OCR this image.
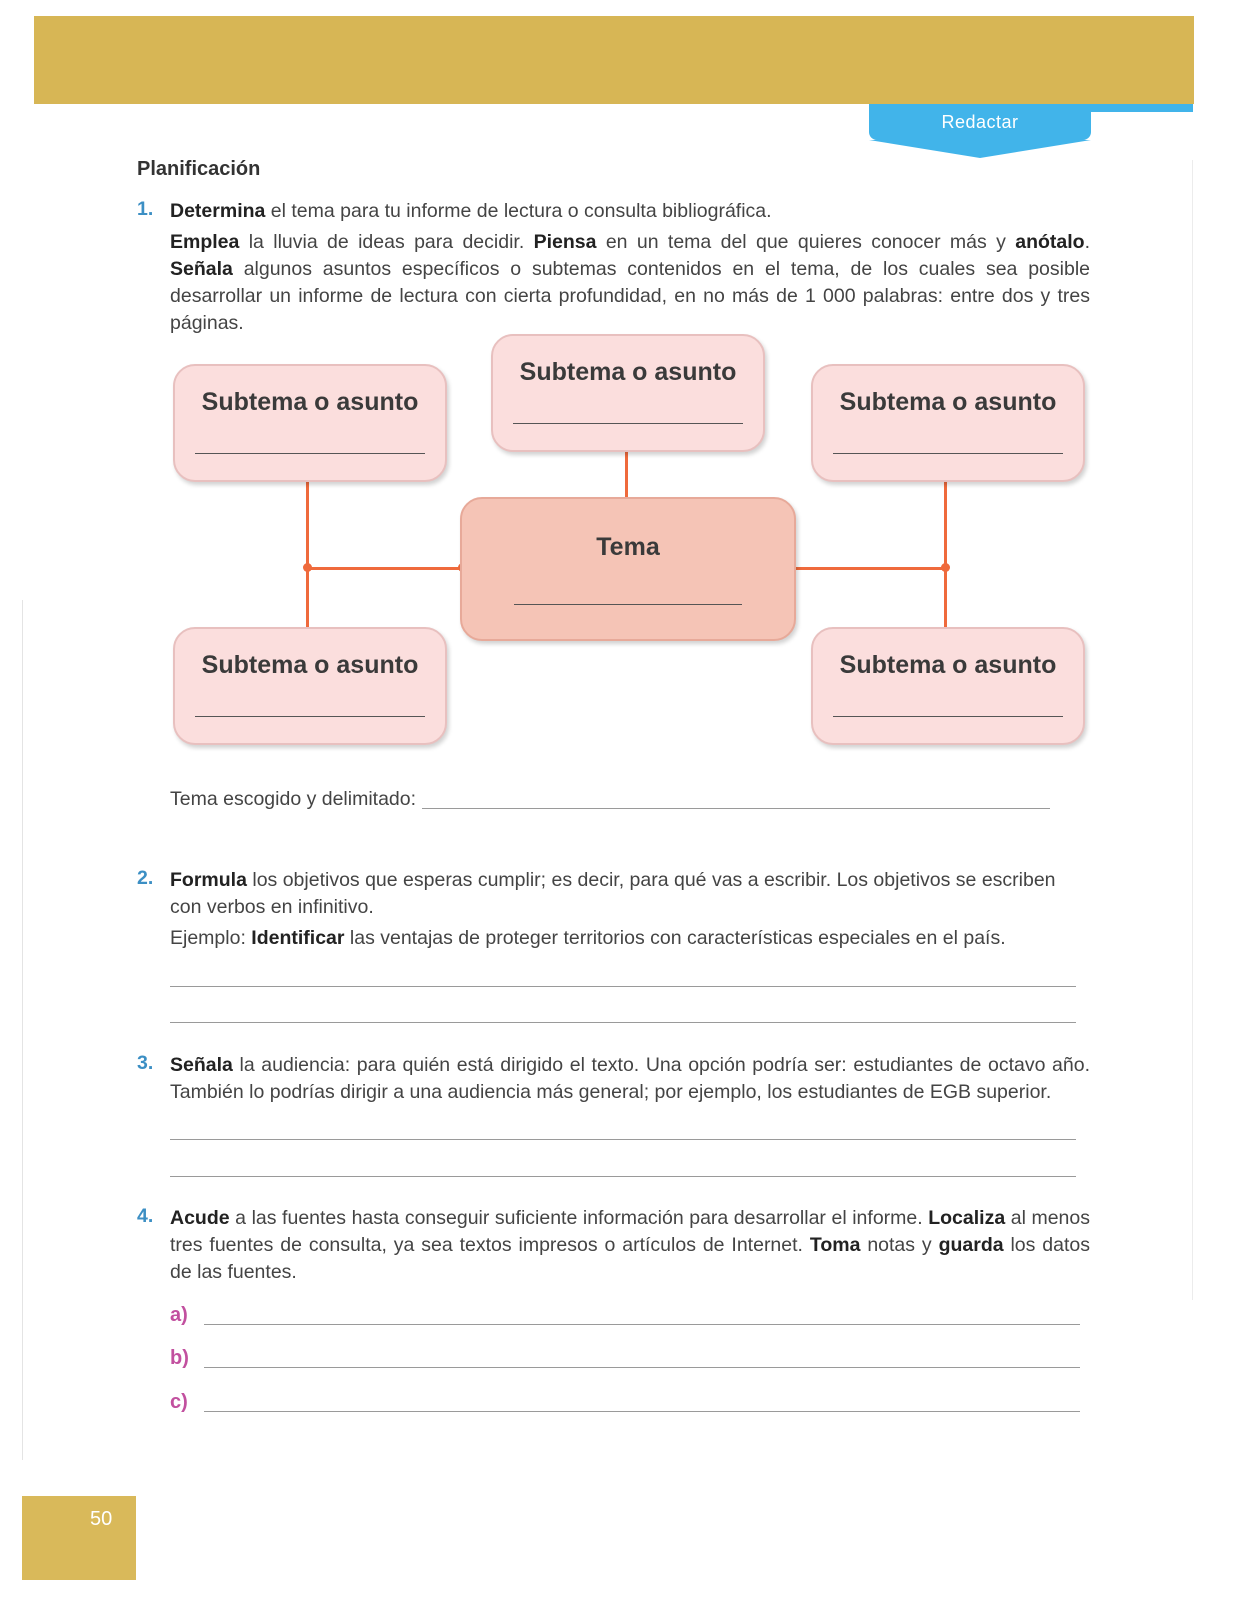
Redactar
Planificación
1. Determina el tema para tu informe de lectura o consulta bibliográfica.
Emplea la lluvia de ideas para decidir. Piensa en un tema del que quieres conocer más y anótalo. Señala algunos asuntos específicos o subtemas contenidos en el tema, de los cuales sea posible desarrollar un informe de lectura con cierta profundidad, en no más de 1 000 palabras: entre dos y tres páginas.
Subtema o asunto
Subtema o asunto
Subtema o asunto
Tema
Subtema o asunto	Subtema o asunto
Tema escogido y delimitado:
2. Formula los objetivos que esperas cumplir; es decir, para qué vas a escribir. Los objetivos se escriben con verbos en infinitivo.
Ejemplo: Identificar las ventajas de proteger territorios con características especiales en el país.
3. Señala la audiencia: para quién está dirigido el texto. Una opción podría ser: estudiantes de octavo año. También lo podrías dirigir a una audiencia más general; por ejemplo, los estudiantes de EGB superior.
4. Acude a las fuentes hasta conseguir suficiente información para desarrollar el informe. Localiza al menos tres fuentes de consulta, ya sea textos impresos o artículos de Internet. Toma notas y guarda los datos de las fuentes.
a)
b)
c)
50
